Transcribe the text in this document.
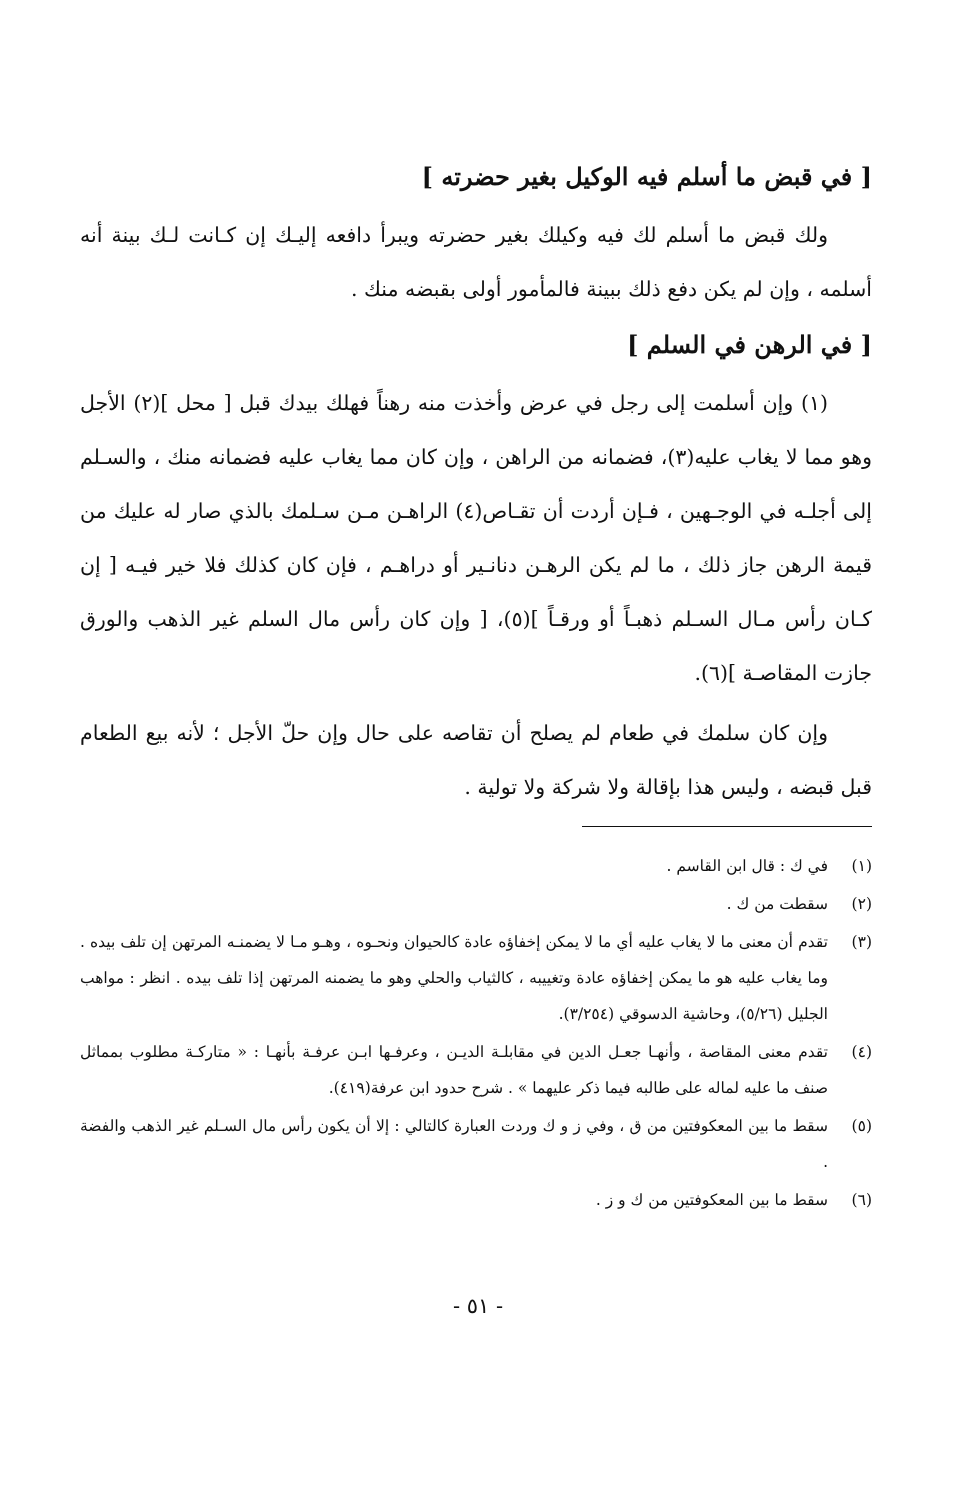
[ في قبض ما أسلم فيه الوكيل بغير حضرته ]

ولك قبض ما أسلم لك فيه وكيلك بغير حضرته ويبرأ دافعه إليـك إن كـانت لـك بينة أنه أسلمه ، وإن لم يكن دفع ذلك ببينة فالمأمور أولى بقبضه منك .

[ في الرهن في السلم ]

(١) وإن أسلمت إلى رجل في عرض وأخذت منه رهناً فهلك بيدك قبل [ محل ](٢) الأجل وهو مما لا يغاب عليه(٣)، فضمانه من الراهن ، وإن كان مما يغاب عليه فضمانه منك ، والسـلم إلى أجلـه في الوجـهين ، فـإن أردت أن تقـاص(٤) الراهـن مـن سـلمك بالذي صار له عليك من قيمة الرهن جاز ذلك ، ما لم يكن الرهـن دنانـير أو دراهـم ، فإن كان كذلك فلا خير فيـه [ إن كـان رأس مـال السـلم ذهبـاً أو ورقـاً ](٥)، [ وإن كان رأس مال السلم غير الذهب والورق جازت المقاصـة ](٦).

وإن كان سلمك في طعام لم يصلح أن تقاصه على حال وإن حلّ الأجل ؛ لأنه بيع الطعام قبل قبضه ، وليس هذا بإقالة ولا شركة ولا تولية .

(١)
في ك : قال ابن القاسم .
(٢)
سقطت من ك .
(٣)
تقدم أن معنى ما لا يغاب عليه أي ما لا يمكن إخفاؤه عادة كالحيوان ونحـوه ، وهـو مـا لا يضمنـه المرتهن إن تلف بيده . وما يغاب عليه هو ما يمكن إخفاؤه عادة وتغييبه ، كالثياب والحلي وهو ما يضمنه المرتهن إذا تلف بيده . انظر : مواهب الجليل (٥/٢٦)، وحاشية الدسوقي (٣/٢٥٤).
(٤)
تقدم معنى المقاصة ، وأنهـا جعـل الدين في مقابلـة الديـن ، وعرفـها ابـن عرفـة بأنهـا : « متاركـة مطلوب بمماثل صنف ما عليه لماله على طالبه فيما ذكر عليهما » . شرح حدود ابن عرفة(٤١٩).
(٥)
سقط ما بين المعكوفتين من ق ، وفي ز و ك وردت العبارة كالتالي : إلا أن يكون رأس مال السـلم غير الذهب والفضة .
(٦)
سقط ما بين المعكوفتين من ك و ز .
- ٥١ -
